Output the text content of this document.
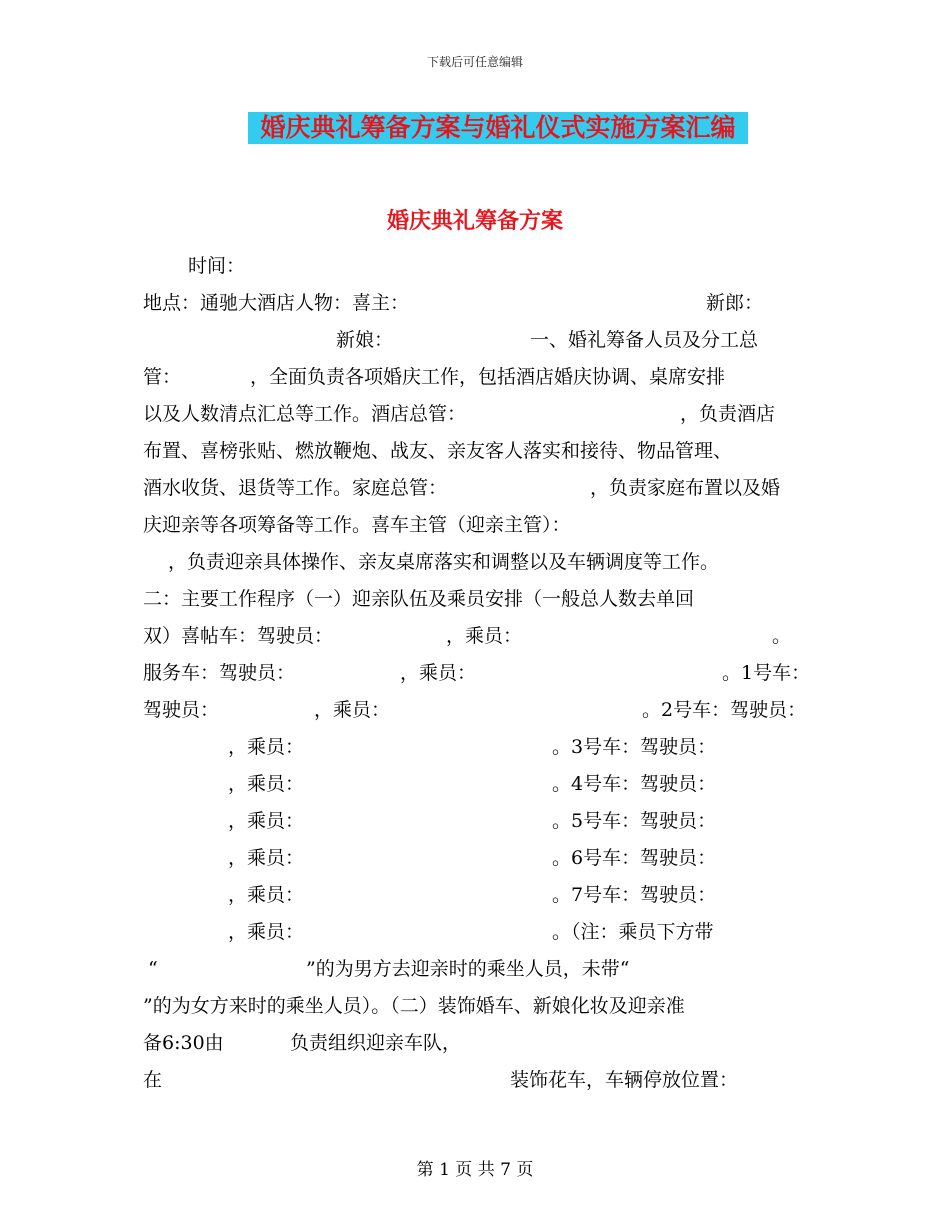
下载后可任意编辑
婚庆典礼筹备方案与婚礼仪式实施方案汇编
婚庆典礼筹备方案
时间：
地点：通驰大酒店人物：喜主：	新郎：
新娘：	一、婚礼筹备人员及分工总
管：	，全面负责各项婚庆工作，包括酒店婚庆协调、桌席安排
以及人数清点汇总等工作。酒店总管：	，负责酒店
布置、喜榜张贴、燃放鞭炮、战友、亲友客人落实和接待、物品管理、
酒水收货、退货等工作。家庭总管：	，负责家庭布置以及婚
庆迎亲等各项筹备等工作。喜车主管（迎亲主管）：
，负责迎亲具体操作、亲友桌席落实和调整以及车辆调度等工作。
二：主要工作程序（一）迎亲队伍及乘员安排（一般总人数去单回
双）喜帖车：驾驶员：	，乘员：	。
服务车：驾驶员：	，乘员：	。1号车：
驾驶员：	，乘员：	。2号车：驾驶员：
，乘员：	。3号车：驾驶员：
，乘员：	。4号车：驾驶员：
，乘员：	。5号车：驾驶员：
，乘员：	。6号车：驾驶员：
，乘员：	。7号车：驾驶员：
，乘员：	。（注：乘员下方带
“	”的为男方去迎亲时的乘坐人员，未带“
”的为女方来时的乘坐人员）。（二）装饰婚车、新娘化妆及迎亲准
备6:30由	负责组织迎亲车队，
在	装饰花车，车辆停放位置：
第 1 页 共 7 页
